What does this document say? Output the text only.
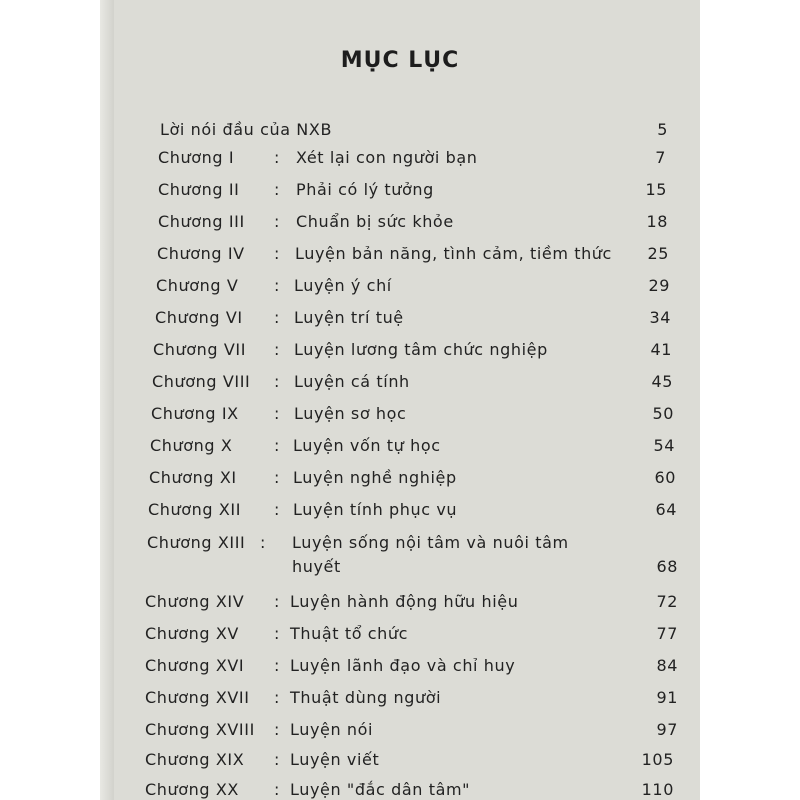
MỤC LỤC
Lời nói đầu của NXB	5
Chương I : Xét lại con người bạn	7
Chương II : Phải có lý tưởng	15
Chương III : Chuẩn bị sức khỏe	18
Chương IV : Luyện bản năng, tình cảm, tiềm thức	25
Chương V : Luyện ý chí	29
Chương VI : Luyện trí tuệ	34
Chương VII : Luyện lương tâm chức nghiệp	41
Chương VIII : Luyện cá tính	45
Chương IX : Luyện sơ học	50
Chương X	: Luyện vốn tự học	54
Chương XI : Luyện nghề nghiệp	60
Chương XII : Luyện tính phục vụ	64
Chương XIII : Luyện sống nội tâm và nuôi tâm
huyết	68
Chương XIV : Luyện hành động hữu hiệu	72
Chương XV : Thuật tổ chức	77
Chương XVI : Luyện lãnh đạo và chỉ huy	84
Chương XVII : Thuật dùng người	91
Chương XVIII : Luyện nói	97
Chương XIX : Luyện viết	105
Chương XX : Luyện "đắc dân tâm"	110
